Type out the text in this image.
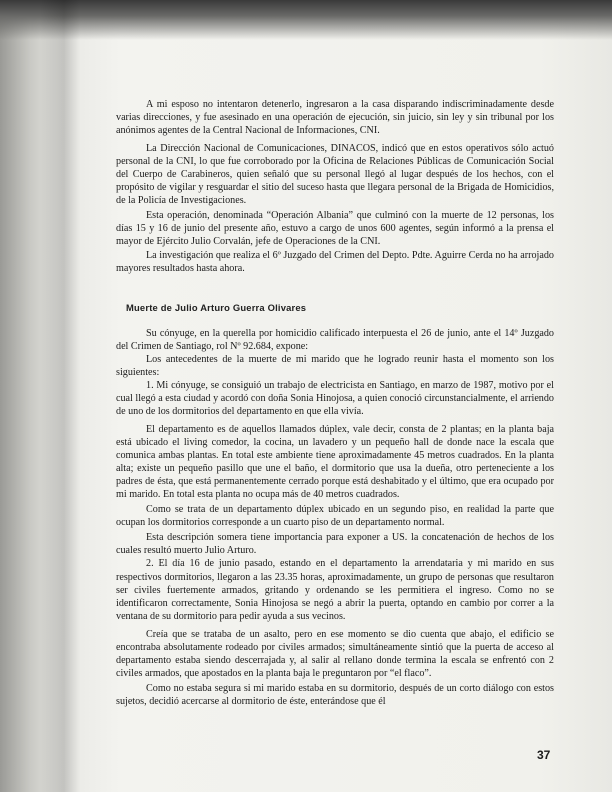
A mi esposo no intentaron detenerlo, ingresaron a la casa disparando indiscriminadamente desde varias direcciones, y fue asesinado en una operación de ejecución, sin juicio, sin ley y sin tribunal por los anónimos agentes de la Central Nacional de Informaciones, CNI.

La Dirección Nacional de Comunicaciones, DINACOS, indicó que en estos operativos sólo actuó personal de la CNI, lo que fue corroborado por la Oficina de Relaciones Públicas de Comunicación Social del Cuerpo de Carabineros, quien señaló que su personal llegó al lugar después de los hechos, con el propósito de vigilar y resguardar el sitio del suceso hasta que llegara personal de la Brigada de Homicidios, de la Policía de Investigaciones.

Esta operación, denominada “Operación Albania” que culminó con la muerte de 12 personas, los días 15 y 16 de junio del presente año, estuvo a cargo de unos 600 agentes, según informó a la prensa el mayor de Ejército Julio Corvalán, jefe de Operaciones de la CNI.

La investigación que realiza el 6º Juzgado del Crimen del Depto. Pdte. Aguirre Cerda no ha arrojado mayores resultados hasta ahora.

Muerte de Julio Arturo Guerra Olivares

Su cónyuge, en la querella por homicidio calificado interpuesta el 26 de junio, ante el 14º Juzgado del Crimen de Santiago, rol Nº 92.684, expone:

Los antecedentes de la muerte de mi marido que he logrado reunir hasta el momento son los siguientes:

1. Mi cónyuge, se consiguió un trabajo de electricista en Santiago, en marzo de 1987, motivo por el cual llegó a esta ciudad y acordó con doña Sonia Hinojosa, a quien conoció circunstancialmente, el arriendo de uno de los dormitorios del departamento en que ella vivía.

El departamento es de aquellos llamados dúplex, vale decir, consta de 2 plantas; en la planta baja está ubicado el living comedor, la cocina, un lavadero y un pequeño hall de donde nace la escala que comunica ambas plantas. En total este ambiente tiene aproximadamente 45 metros cuadrados. En la planta alta; existe un pequeño pasillo que une el baño, el dormitorio que usa la dueña, otro perteneciente a los padres de ésta, que está permanentemente cerrado porque está deshabitado y el último, que era ocupado por mi marido. En total esta planta no ocupa más de 40 metros cuadrados.

Como se trata de un departamento dúplex ubicado en un segundo piso, en realidad la parte que ocupan los dormitorios corresponde a un cuarto piso de un departamento normal.

Esta descripción somera tiene importancia para exponer a US. la concatenación de hechos de los cuales resultó muerto Julio Arturo.

2. El día 16 de junio pasado, estando en el departamento la arrendataria y mi marido en sus respectivos dormitorios, llegaron a las 23.35 horas, aproximadamente, un grupo de personas que resultaron ser civiles fuertemente armados, gritando y ordenando se les permitiera el ingreso. Como no se identificaron correctamente, Sonia Hinojosa se negó a abrir la puerta, optando en cambio por correr a la ventana de su dormitorio para pedir ayuda a sus vecinos.

Creía que se trataba de un asalto, pero en ese momento se dio cuenta que abajo, el edificio se encontraba absolutamente rodeado por civiles armados; simultáneamente sintió que la puerta de acceso al departamento estaba siendo descerrajada y, al salir al rellano donde termina la escala se enfrentó con 2 civiles armados, que apostados en la planta baja le preguntaron por “el flaco”.

Como no estaba segura si mi marido estaba en su dormitorio, después de un corto diálogo con estos sujetos, decidió acercarse al dormitorio de éste, enterándose que él

37
